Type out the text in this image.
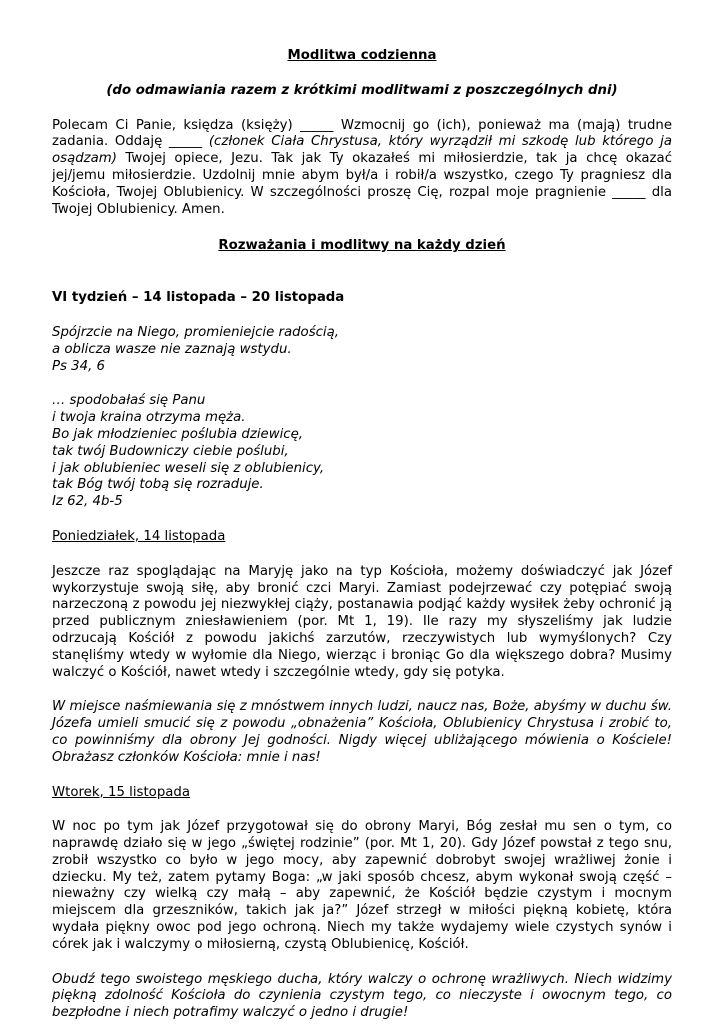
Modlitwa codzienna

(do odmawiania razem z krótkimi modlitwami z poszczególnych dni)

Polecam Ci Panie, księdza (księży) _____ Wzmocnij go (ich), ponieważ ma (mają) trudne zadania. Oddaję _____ (członek Ciała Chrystusa, który wyrządził mi szkodę lub którego ja osądzam) Twojej opiece, Jezu. Tak jak Ty okazałeś mi miłosierdzie, tak ja chcę okazać jej/jemu miłosierdzie. Uzdolnij mnie abym był/a i robił/a wszystko, czego Ty pragniesz dla Kościoła, Twojej Oblubienicy. W szczególności proszę Cię, rozpal moje pragnienie _____ dla Twojej Oblubienicy. Amen.

Rozważania i modlitwy na każdy dzień

VI tydzień – 14 listopada – 20 listopada

Spójrzcie na Niego, promieniejcie radością,
a oblicza wasze nie zaznają wstydu.
Ps 34, 6
… spodobałaś się Panu
i twoja kraina otrzyma męża.
Bo jak młodzieniec poślubia dziewicę,
tak twój Budowniczy ciebie poślubi,
i jak oblubieniec weseli się z oblubienicy,
tak Bóg twój tobą się rozraduje.
Iz 62, 4b-5

Poniedziałek, 14 listopada

Jeszcze raz spoglądając na Maryję jako na typ Kościoła, możemy doświadczyć jak Józef wykorzystuje swoją siłę, aby bronić czci Maryi. Zamiast podejrzewać czy potępiać swoją narzeczoną z powodu jej niezwykłej ciąży, postanawia podjąć każdy wysiłek żeby ochronić ją przed publicznym zniesławieniem (por. Mt 1, 19). Ile razy my słyszeliśmy jak ludzie odrzucają Kościół z powodu jakichś zarzutów, rzeczywistych lub wymyślonych? Czy stanęliśmy wtedy w wyłomie dla Niego, wierząc i broniąc Go dla większego dobra? Musimy walczyć o Kościół, nawet wtedy i szczególnie wtedy, gdy się potyka.

W miejsce naśmiewania się z mnóstwem innych ludzi, naucz nas, Boże, abyśmy w duchu św. Józefa umieli smucić się z powodu „obnażenia” Kościoła, Oblubienicy Chrystusa i zrobić to, co powinniśmy dla obrony Jej godności. Nigdy więcej ubliżającego mówienia o Kościele! Obrażasz członków Kościoła: mnie i nas!

Wtorek, 15 listopada

W noc po tym jak Józef przygotował się do obrony Maryi, Bóg zesłał mu sen o tym, co naprawdę działo się w jego „świętej rodzinie” (por. Mt 1, 20). Gdy Józef powstał z tego snu, zrobił wszystko co było w jego mocy, aby zapewnić dobrobyt swojej wrażliwej żonie i dziecku. My też, zatem pytamy Boga: „w jaki sposób chcesz, abym wykonał swoją część – nieważny czy wielką czy małą – aby zapewnić, że Kościół będzie czystym i mocnym miejscem dla grzeszników, takich jak ja?” Józef strzegł w miłości piękną kobietę, która wydała piękny owoc pod jego ochroną. Niech my także wydajemy wiele czystych synów i córek jak i walczymy o miłosierną, czystą Oblubienicę, Kościół.

Obudź tego swoistego męskiego ducha, który walczy o ochronę wrażliwych. Niech widzimy piękną zdolność Kościoła do czynienia czystym tego, co nieczyste i owocnym tego, co bezpłodne i niech potrafimy walczyć o jedno i drugie!
